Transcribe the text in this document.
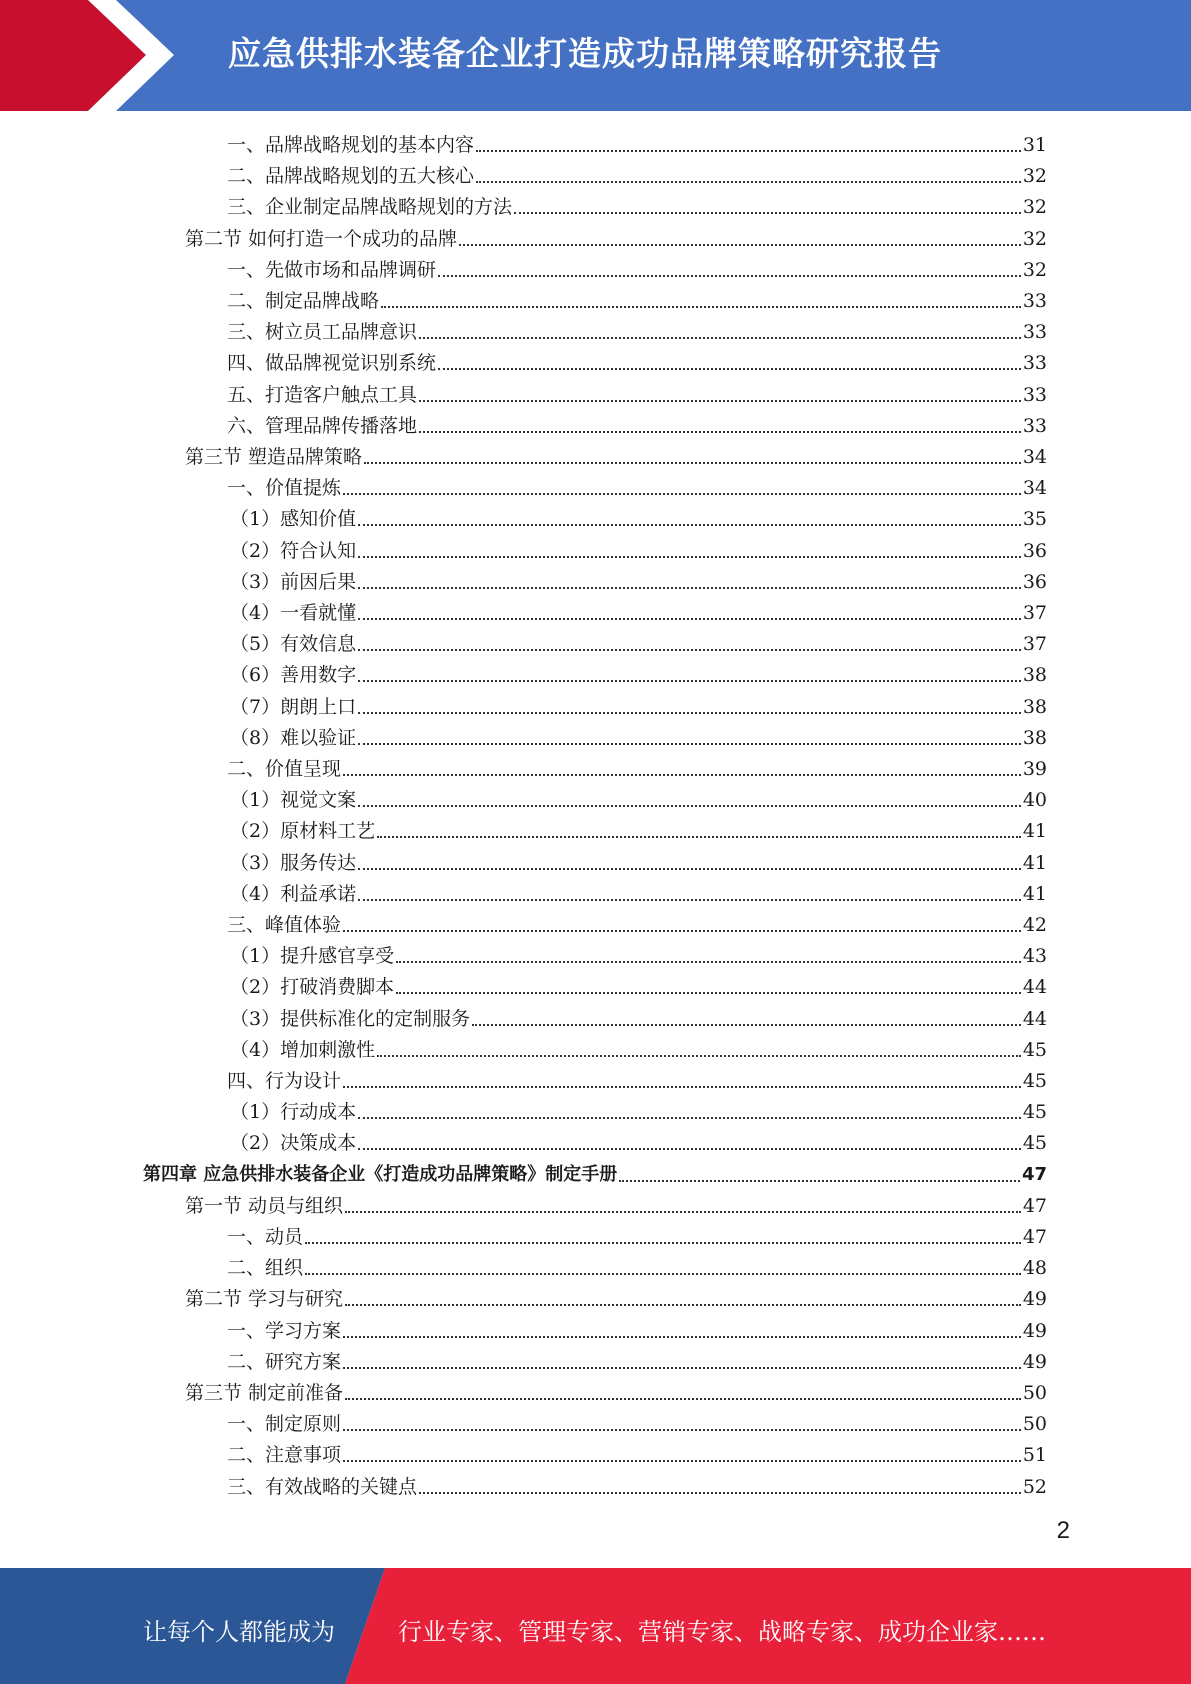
应急供排水装备企业打造成功品牌策略研究报告
一、品牌战略规划的基本内容	31
二、品牌战略规划的五大核心	32
三、企业制定品牌战略规划的方法	32
第二节 如何打造一个成功的品牌	32
一、先做市场和品牌调研	32
二、制定品牌战略	33
三、树立员工品牌意识	33
四、做品牌视觉识别系统	33
五、打造客户触点工具	33
六、管理品牌传播落地	33
第三节 塑造品牌策略	34
一、价值提炼	34
（1）感知价值	35
（2）符合认知	36
（3）前因后果	36
（4）一看就懂	37
（5）有效信息	37
（6）善用数字	38
（7）朗朗上口	38
（8）难以验证	38
二、价值呈现	39
（1）视觉文案	40
（2）原材料工艺	41
（3）服务传达	41
（4）利益承诺	41
三、峰值体验	42
（1）提升感官享受	43
（2）打破消费脚本	44
（3）提供标准化的定制服务	44
（4）增加刺激性	45
四、行为设计	45
（1）行动成本	45
（2）决策成本	45
第四章 应急供排水装备企业《打造成功品牌策略》制定手册	47
第一节 动员与组织	47
一、动员	47
二、组织	48
第二节 学习与研究	49
一、学习方案	49
二、研究方案	49
第三节 制定前准备	50
一、制定原则	50
二、注意事项	51
三、有效战略的关键点	52
2
让每个人都能成为	行业专家、管理专家、营销专家、战略专家、成功企业家……
